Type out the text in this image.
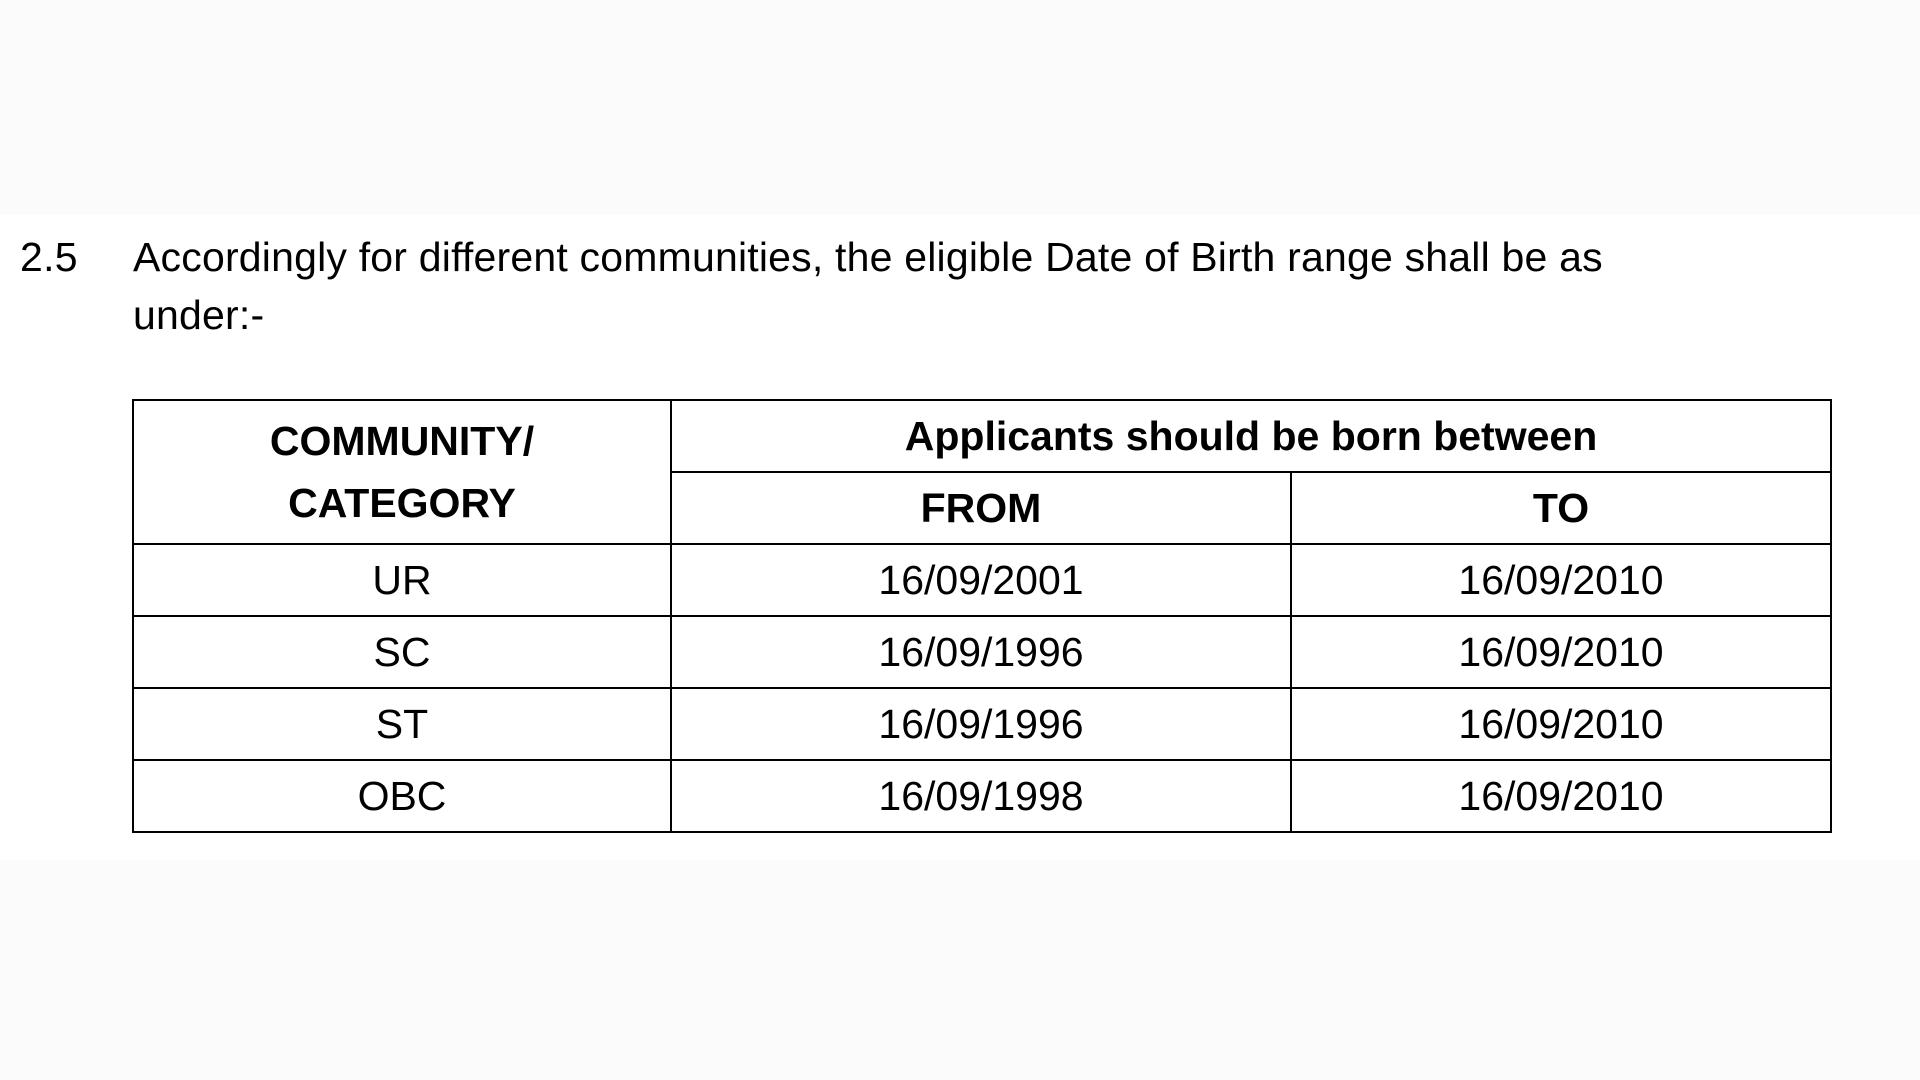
2.5 Accordingly for different communities, the eligible Date of Birth range shall be as
under:-
COMMUNITY/
CATEGORY	Applicants should be born between	
	FROM	TO
UR	16/09/2001	16/09/2010
SC	16/09/1996	16/09/2010
ST	16/09/1996	16/09/2010
OBC	16/09/1998	16/09/2010
